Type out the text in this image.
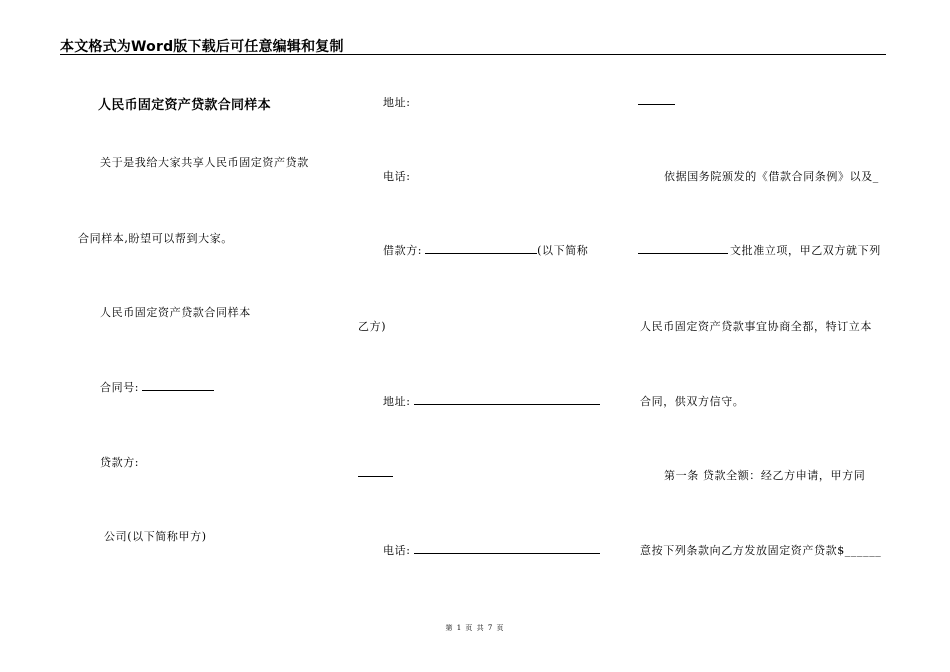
本文格式为Word版下载后可任意编辑和复制
人民币固定资产贷款合同样本
关于是我给大家共享人民币固定资产贷款
合同样本,盼望可以帮到大家。
人民币固定资产贷款合同样本
合同号:
贷款方:
公司(以下简称甲方)
地址:
电话:
借款方:	(以下简称
乙方)
地址:
电话:
依据国务院颁发的《借款合同条例》以及_
文批准立项，甲乙双方就下列
人民币固定资产贷款事宜协商全都，特订立本
合同，供双方信守。
第一条 贷款全额：经乙方申请，甲方同
意按下列条款向乙方发放固定资产贷款$______
第 1 页 共 7 页
